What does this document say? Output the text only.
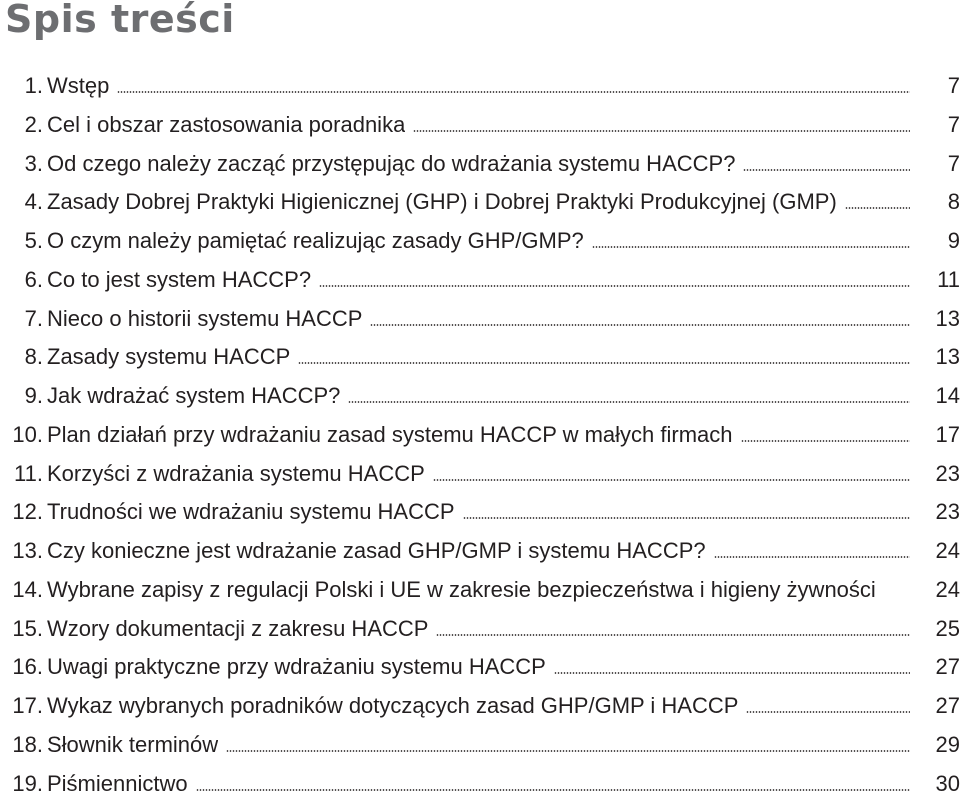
Spis treści
1. Wstęp	7
2. Cel i obszar zastosowania poradnika	7
3. Od czego należy zacząć przystępując do wdrażania systemu HACCP?	7
4. Zasady Dobrej Praktyki Higienicznej (GHP) i Dobrej Praktyki Produkcyjnej (GMP)	8
5. O czym należy pamiętać realizując zasady GHP/GMP?	9
6. Co to jest system HACCP?	11
7. Nieco o historii systemu HACCP	13
8. Zasady systemu HACCP	13
9. Jak wdrażać system HACCP?	14
10. Plan działań przy wdrażaniu zasad systemu HACCP w małych firmach	17
11. Korzyści z wdrażania systemu HACCP	23
12. Trudności we wdrażaniu systemu HACCP	23
13. Czy konieczne jest wdrażanie zasad GHP/GMP i systemu HACCP?	24
14. Wybrane zapisy z regulacji Polski i UE w zakresie bezpieczeństwa i higieny żywności	24
15. Wzory dokumentacji z zakresu HACCP	25
16. Uwagi praktyczne przy wdrażaniu systemu HACCP	27
17. Wykaz wybranych poradników dotyczących zasad GHP/GMP i HACCP	27
18. Słownik terminów	29
19. Piśmiennictwo	30
